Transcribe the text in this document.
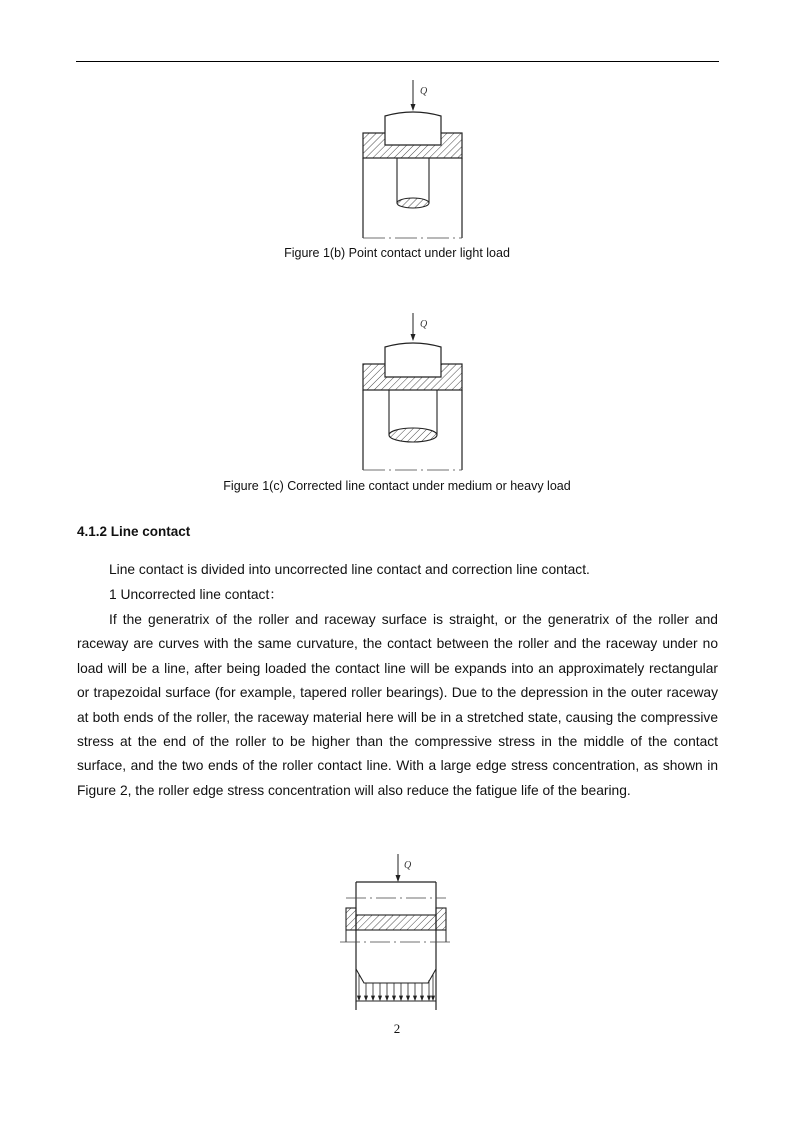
Q
Figure 1(b) Point contact under light load
Q
Figure 1(c) Corrected line contact under medium or heavy load
4.1.2 Line contact

Line contact is divided into uncorrected line contact and correction line contact.

1 Uncorrected line contact：

If the generatrix of the roller and raceway surface is straight, or the generatrix of the roller and raceway are curves with the same curvature, the contact between the roller and the raceway under no load will be a line, after being loaded the contact line will be expands into an approximately rectangular or trapezoidal surface (for example, tapered roller bearings). Due to the depression in the outer raceway at both ends of the roller, the raceway material here will be in a stretched state, causing the compressive stress at the end of the roller to be higher than the compressive stress in the middle of the contact surface, and the two ends of the roller contact line. With a large edge stress concentration, as shown in Figure 2, the roller edge stress concentration will also reduce the fatigue life of the bearing.

Q
2
